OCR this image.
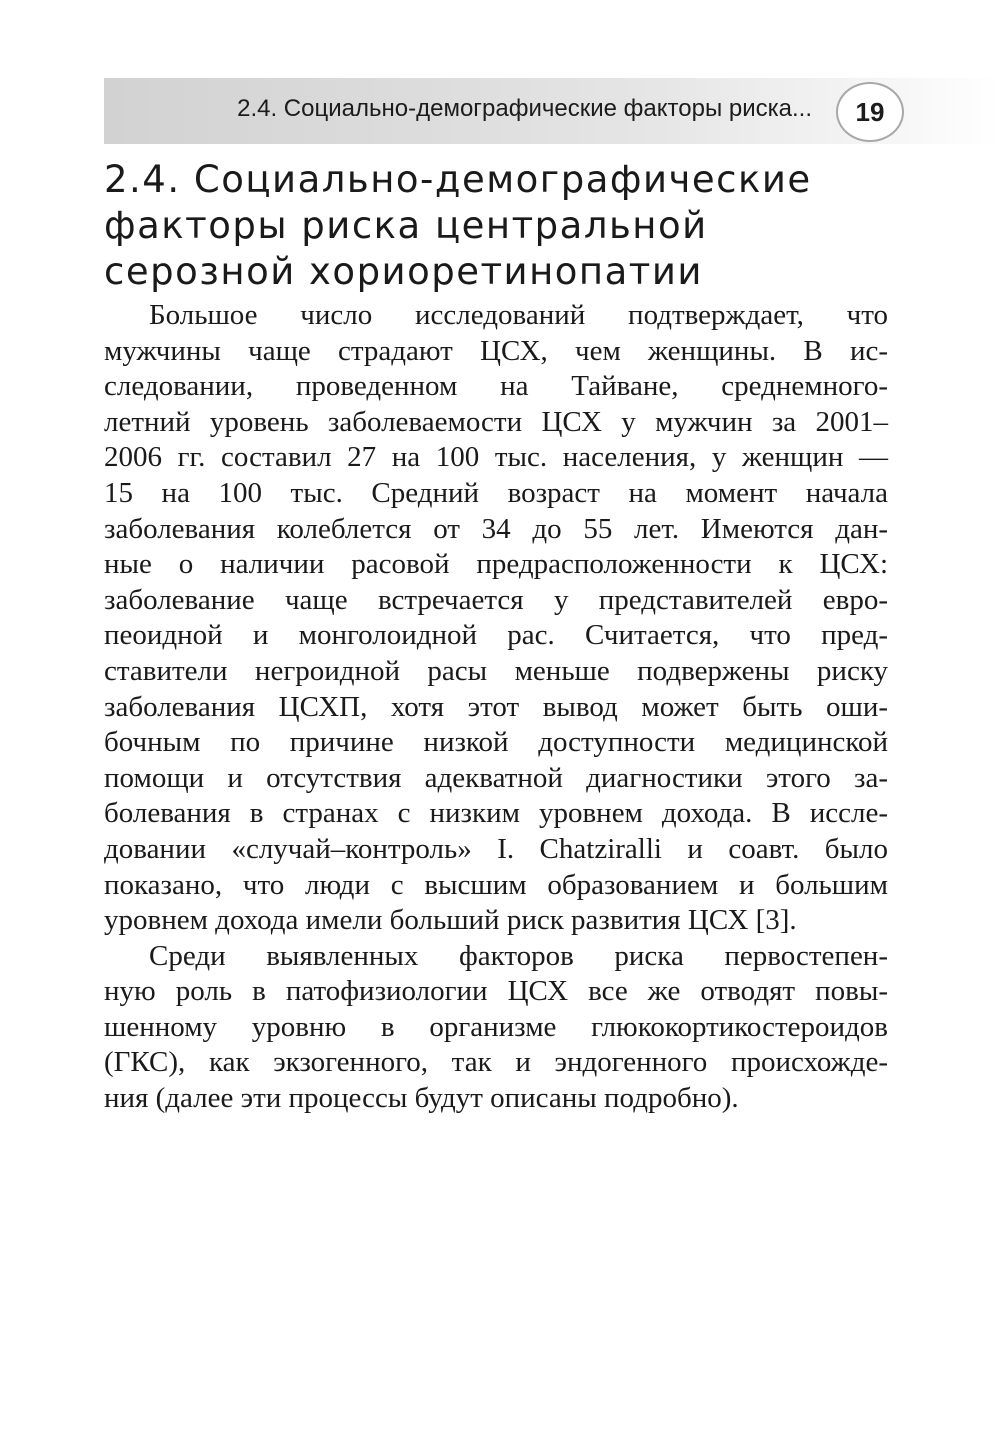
2.4. Социально-демографические факторы риска...	19
2.4. Социально-демографические
факторы риска центральной
серозной хориоретинопатии

Большое число исследований подтверждает, что
мужчины чаще страдают ЦСХ, чем женщины. В ис-
следовании, проведенном на Тайване, среднемного-
летний уровень заболеваемости ЦСХ у мужчин за 2001–
2006 гг. составил 27 на 100 тыс. населения, у женщин —
15 на 100 тыс. Средний возраст на момент начала
заболевания колеблется от 34 до 55 лет. Имеются дан-
ные о наличии расовой предрасположенности к ЦСХ:
заболевание чаще встречается у представителей евро-
пеоидной и монголоидной рас. Считается, что пред-
ставители негроидной расы меньше подвержены риску
заболевания ЦСХП, хотя этот вывод может быть оши-
бочным по причине низкой доступности медицинской
помощи и отсутствия адекватной диагностики этого за-
болевания в странах с низким уровнем дохода. В иссле-
довании «случай–контроль» I. Chatziralli и соавт. было
показано, что люди с высшим образованием и большим
уровнем дохода имели больший риск развития ЦСХ [3].

Среди выявленных факторов риска первостепен-
ную роль в патофизиологии ЦСХ все же отводят повы-
шенному уровню в организме глюкокортикостероидов
(ГКС), как экзогенного, так и эндогенного происхожде-
ния (далее эти процессы будут описаны подробно).
